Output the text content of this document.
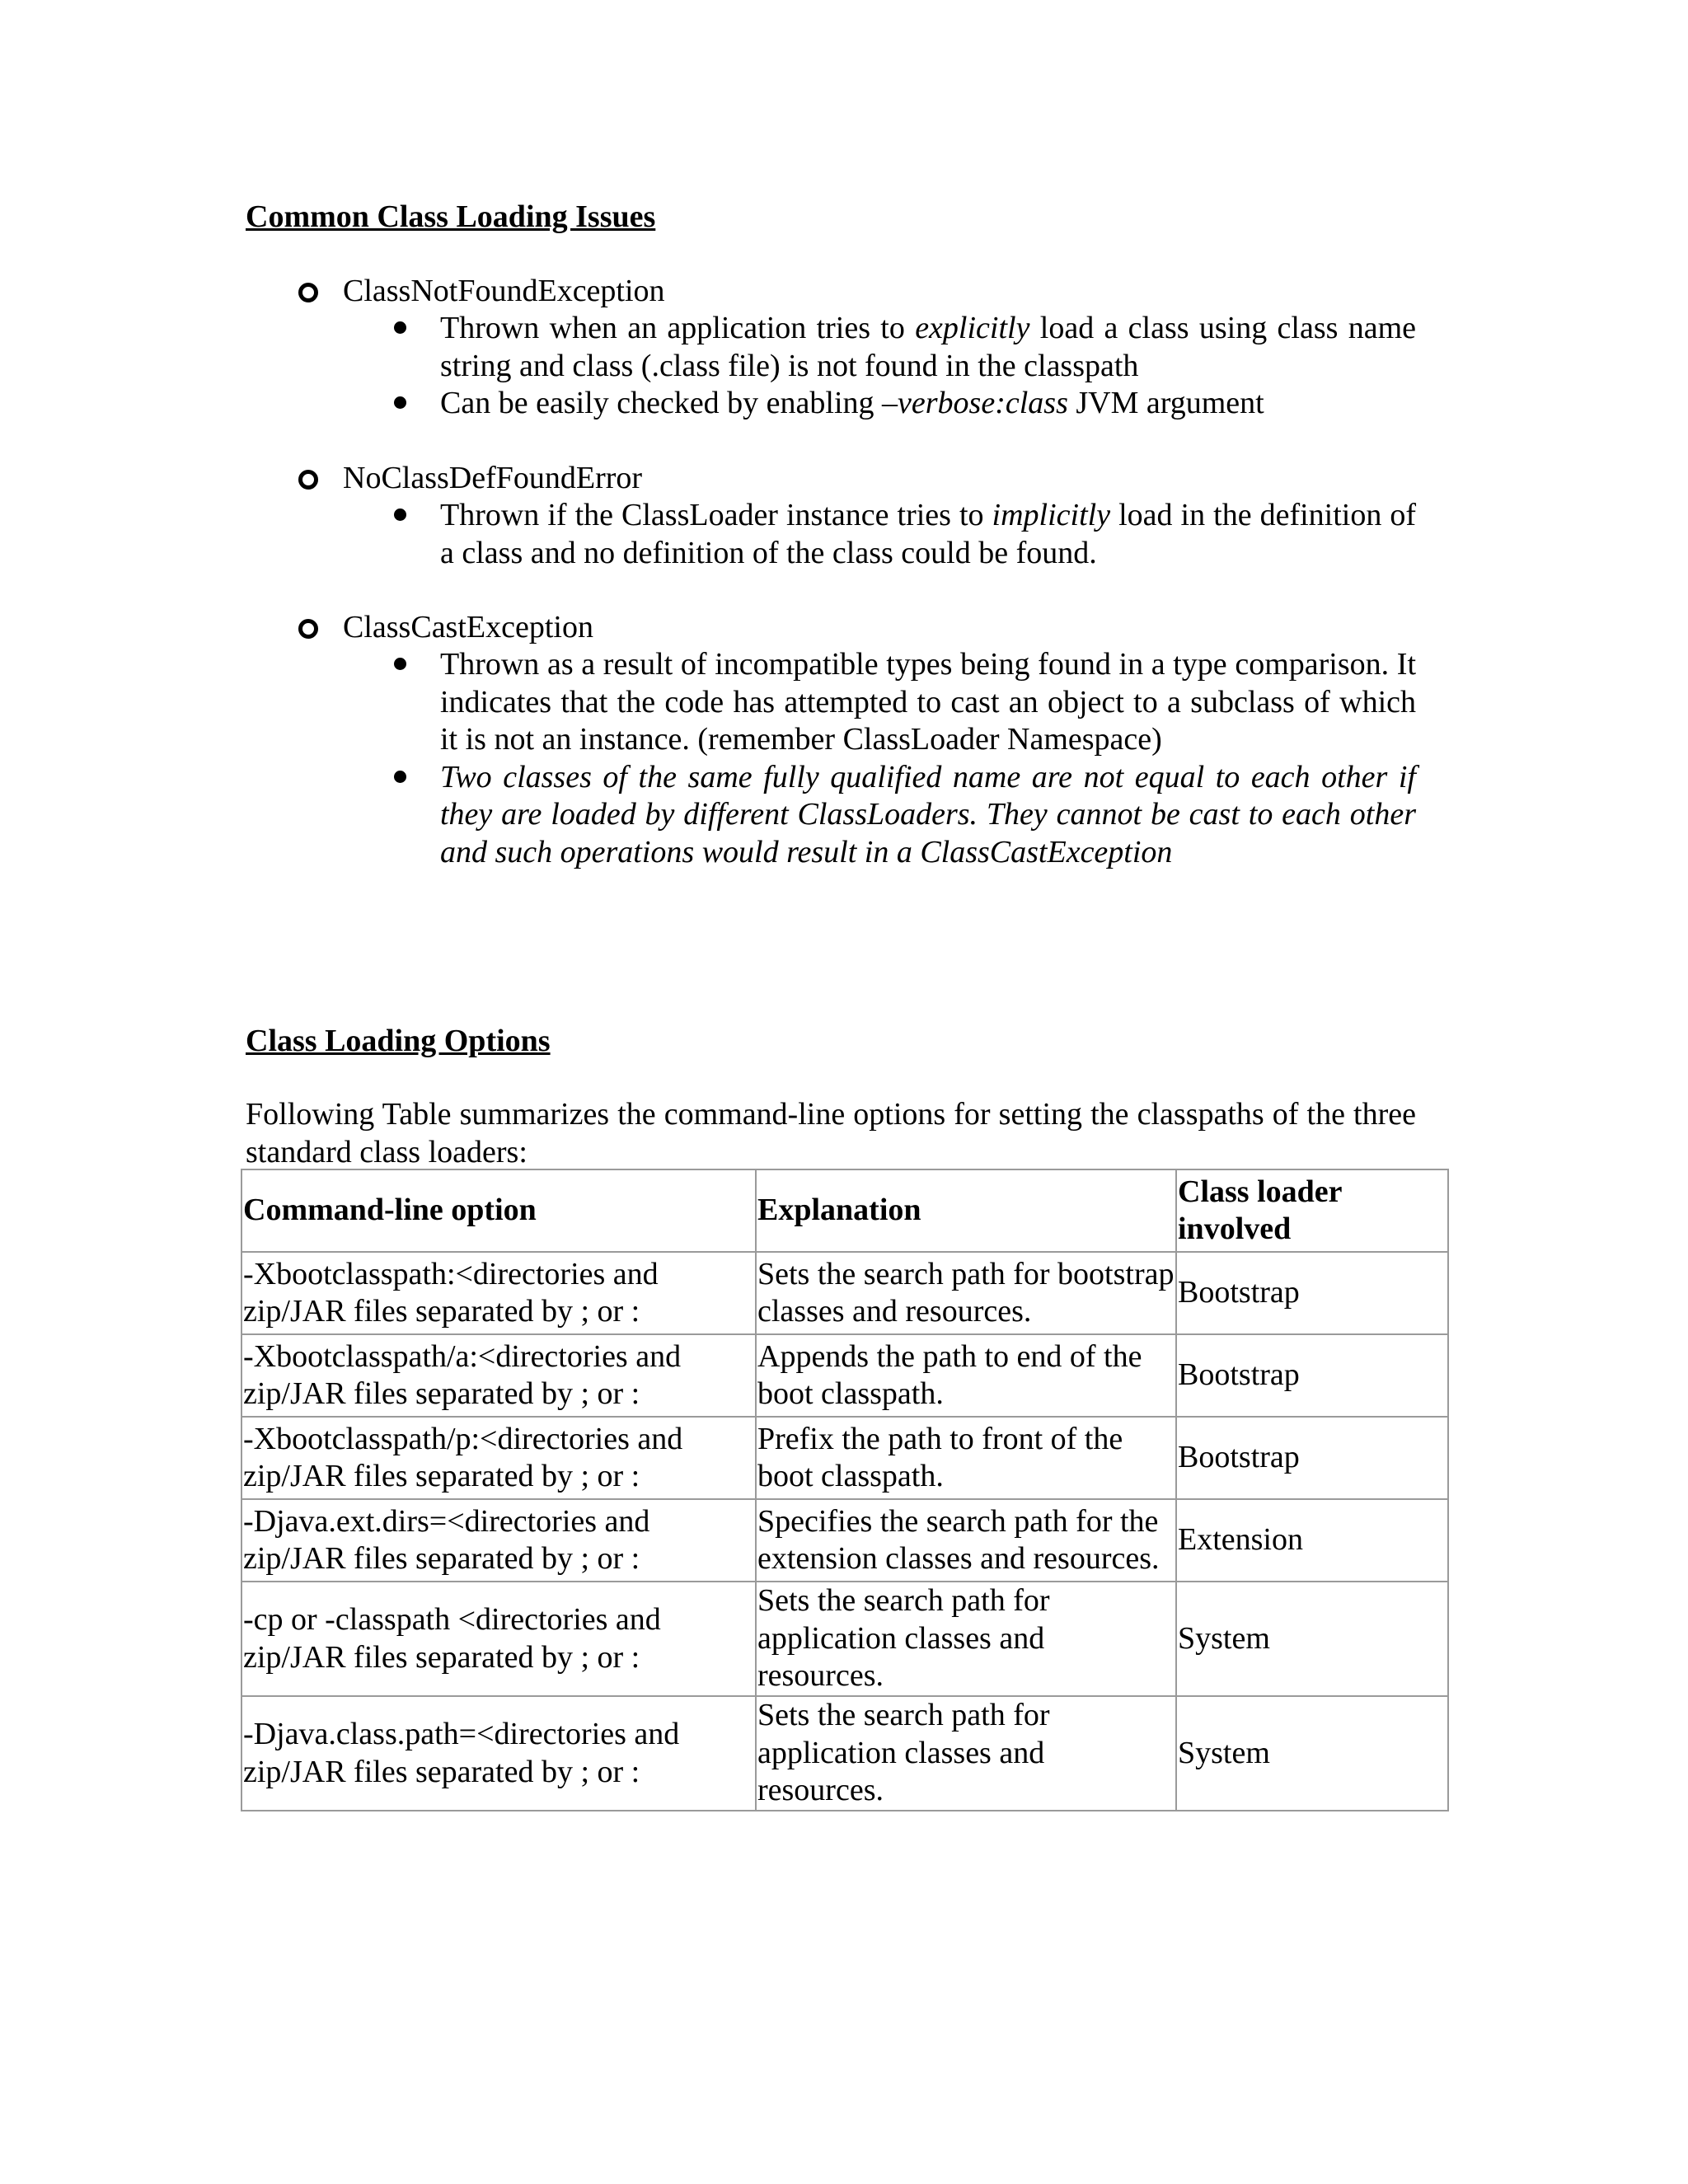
Common Class Loading Issues
ClassNotFoundException
Thrown when an application tries to explicitly load a class using class name string and class (.class file) is not found in the classpath
Can be easily checked by enabling –verbose:class JVM argument
NoClassDefFoundError
Thrown if the ClassLoader instance tries to implicitly load in the definition of a class and no definition of the class could be found.
ClassCastException
Thrown as a result of incompatible types being found in a type comparison. It indicates that the code has attempted to cast an object to a subclass of which it is not an instance. (remember ClassLoader Namespace)
Two classes of the same fully qualified name are not equal to each other if they are loaded by different ClassLoaders. They cannot be cast to each other and such operations would result in a ClassCastException
Class Loading Options

Following Table summarizes the command-line options for setting the classpaths of the three standard class loaders:

Command-line option	Explanation	Class loader involved
-Xbootclasspath:<directories and zip/JAR files separated by ; or :	Sets the search path for bootstrap classes and resources.	Bootstrap
-Xbootclasspath/a:<directories and zip/JAR files separated by ; or :	Appends the path to end of the boot classpath.	Bootstrap
-Xbootclasspath/p:<directories and zip/JAR files separated by ; or :	Prefix the path to front of the boot classpath.	Bootstrap
-Djava.ext.dirs=<directories and zip/JAR files separated by ; or :	Specifies the search path for the extension classes and resources.	Extension
-cp or -classpath <directories and zip/JAR files separated by ; or :	Sets the search path for application classes and resources.	System
-Djava.class.path=<directories and zip/JAR files separated by ; or :	Sets the search path for application classes and resources.	System
